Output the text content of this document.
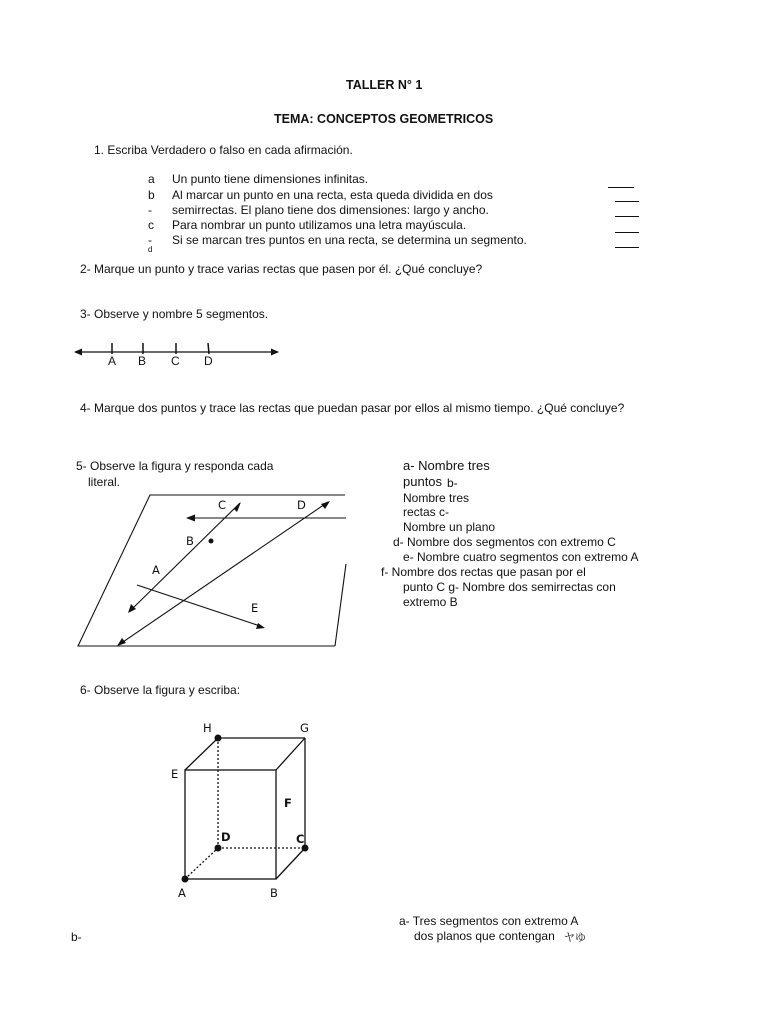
TALLER N° 1
TEMA: CONCEPTOS GEOMETRICOS
1. Escriba Verdadero o falso en cada afirmación.
a Un punto tiene dimensiones infinitas.
b Al marcar un punto en una recta, esta queda dividida en dos
- semirrectas. El plano tiene dos dimensiones: largo y ancho.
c Para nombrar un punto utilizamos una letra mayúscula.
- Si se marcan tres puntos en una recta, se determina un segmento.
d
2- Marque un punto y trace varias rectas que pasen por él. ¿Qué concluye?
3- Observe y nombre 5 segmentos.
A B C D
4- Marque dos puntos y trace las rectas que puedan pasar por ellos al mismo tiempo. ¿Qué concluye?
5- Observe la figura y responda cada
literal.
C	D
B
A
E
a- Nombre tres
puntos b-
Nombre tres
rectas c-
Nombre un plano
d- Nombre dos segmentos con extremo C
e- Nombre cuatro segmentos con extremo A
f- Nombre dos rectas que pasan por el
punto C g- Nombre dos semirrectas con
extremo B
6- Observe la figura y escriba:
H	G
E
F
D	C
A	B
a- Tres segmentos con extremo A
b-	dos planos que contengan ヤゆ
